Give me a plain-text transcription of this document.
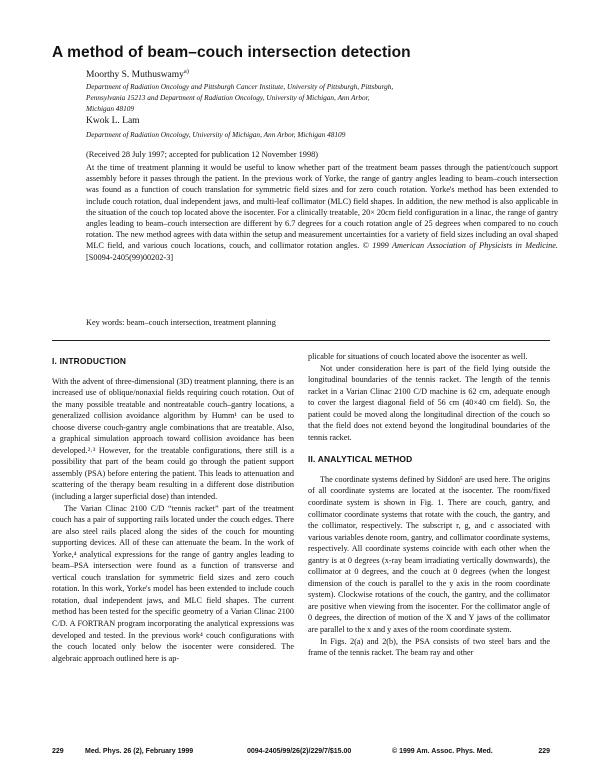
A method of beam–couch intersection detection
Moorthy S. Muthuswamy$^{a)}$
Department of Radiation Oncology and Pittsburgh Cancer Institute, University of Pittsburgh, Pittsburgh,
Pennsylvania 15213 and Department of Radiation Oncology, University of Michigan, Ann Arbor,
Michigan 48109
Kwok L. Lam
Department of Radiation Oncology, University of Michigan, Ann Arbor, Michigan 48109
(Received 28 July 1997; accepted for publication 12 November 1998)
At the time of treatment planning it would be useful to know whether part of the treatment beam passes through the patient/couch support assembly before it passes through the patient. In the previous work of Yorke, the range of gantry angles leading to beam–couch intersection was found as a function of couch translation for symmetric field sizes and for zero couch rotation. Yorke's method has been extended to include couch rotation, dual independent jaws, and multi-leaf collimator (MLC) field shapes. In addition, the new method is also applicable in the situation of the couch top located above the isocenter. For a clinically treatable, 20× 20cm field configuration in a linac, the range of gantry angles leading to beam–couch intersection are different by 6.7 degrees for a couch rotation angle of 25 degrees when compared to no couch rotation. The new method agrees with data within the setup and measurement uncertainties for a variety of field sizes including an oval shaped MLC field, and various couch locations, couch, and collimator rotation angles. © 1999 American Association of Physicists in Medicine. [S0094-2405(99)00202-3]
Key words: beam–couch intersection, treatment planning
I. INTRODUCTION

With the advent of three-dimensional (3D) treatment planning, there is an increased use of oblique/nonaxial fields requiring couch rotation. Out of the many possible treatable and nontreatable couch–gantry locations, a generalized collision avoidance algorithm by Humm¹ can be used to choose diverse couch-gantry angle combinations that are treatable. Also, a graphical simulation approach toward collision avoidance has been developed.²˒³ However, for the treatable configurations, there still is a possibility that part of the beam could go through the patient support assembly (PSA) before entering the patient. This leads to attenuation and scattering of the therapy beam resulting in a different dose distribution (including a larger superficial dose) than intended.

The Varian Clinac 2100 C/D “tennis racket” part of the treatment couch has a pair of supporting rails located under the couch edges. There are also steel rails placed along the sides of the couch for mounting supporting devices. All of these can attenuate the beam. In the work of Yorke,⁴ analytical expressions for the range of gantry angles leading to beam–PSA intersection were found as a function of transverse and vertical couch translation for symmetric field sizes and zero couch rotation. In this work, Yorke's model has been extended to include couch rotation, dual independent jaws, and MLC field shapes. The current method has been tested for the specific geometry of a Varian Clinac 2100 C/D. A FORTRAN program incorporating the analytical expressions was developed and tested. In the previous work⁴ couch configurations with the couch located only below the isocenter were considered. The algebraic approach outlined here is ap-

plicable for situations of couch located above the isocenter as well.

Not under consideration here is part of the field lying outside the longitudinal boundaries of the tennis racket. The length of the tennis racket in a Varian Clinac 2100 C/D machine is 62 cm, adequate enough to cover the largest diagonal field of 56 cm (40×40 cm field). So, the patient could be moved along the longitudinal direction of the couch so that the field does not extend beyond the longitudinal boundaries of the tennis racket.

II. ANALYTICAL METHOD

The coordinate systems defined by Siddon⁵ are used here. The origins of all coordinate systems are located at the isocenter. The room/fixed coordinate system is shown in Fig. 1. There are couch, gantry, and collimator coordinate systems that rotate with the couch, the gantry, and the collimator, respectively. The subscript r, g, and c associated with various variables denote room, gantry, and collimator coordinate systems, respectively. All coordinate systems coincide with each other when the gantry is at 0 degrees (x-ray beam irradiating vertically downwards), the collimator at 0 degrees, and the couch at 0 degrees (when the longest dimension of the couch is parallel to the y axis in the room coordinate system). Clockwise rotations of the couch, the gantry, and the collimator are positive when viewing from the isocenter. For the collimator angle of 0 degrees, the direction of motion of the X and Y jaws of the collimator are parallel to the x and y axes of the room coordinate system.

In Figs. 2(a) and 2(b), the PSA consists of two steel bars and the frame of the tennis racket. The beam ray and other

229	Med. Phys. 26 (2), February 1999	0094-2405/99/26(2)/229/7/$15.00	© 1999 Am. Assoc. Phys. Med.	229
